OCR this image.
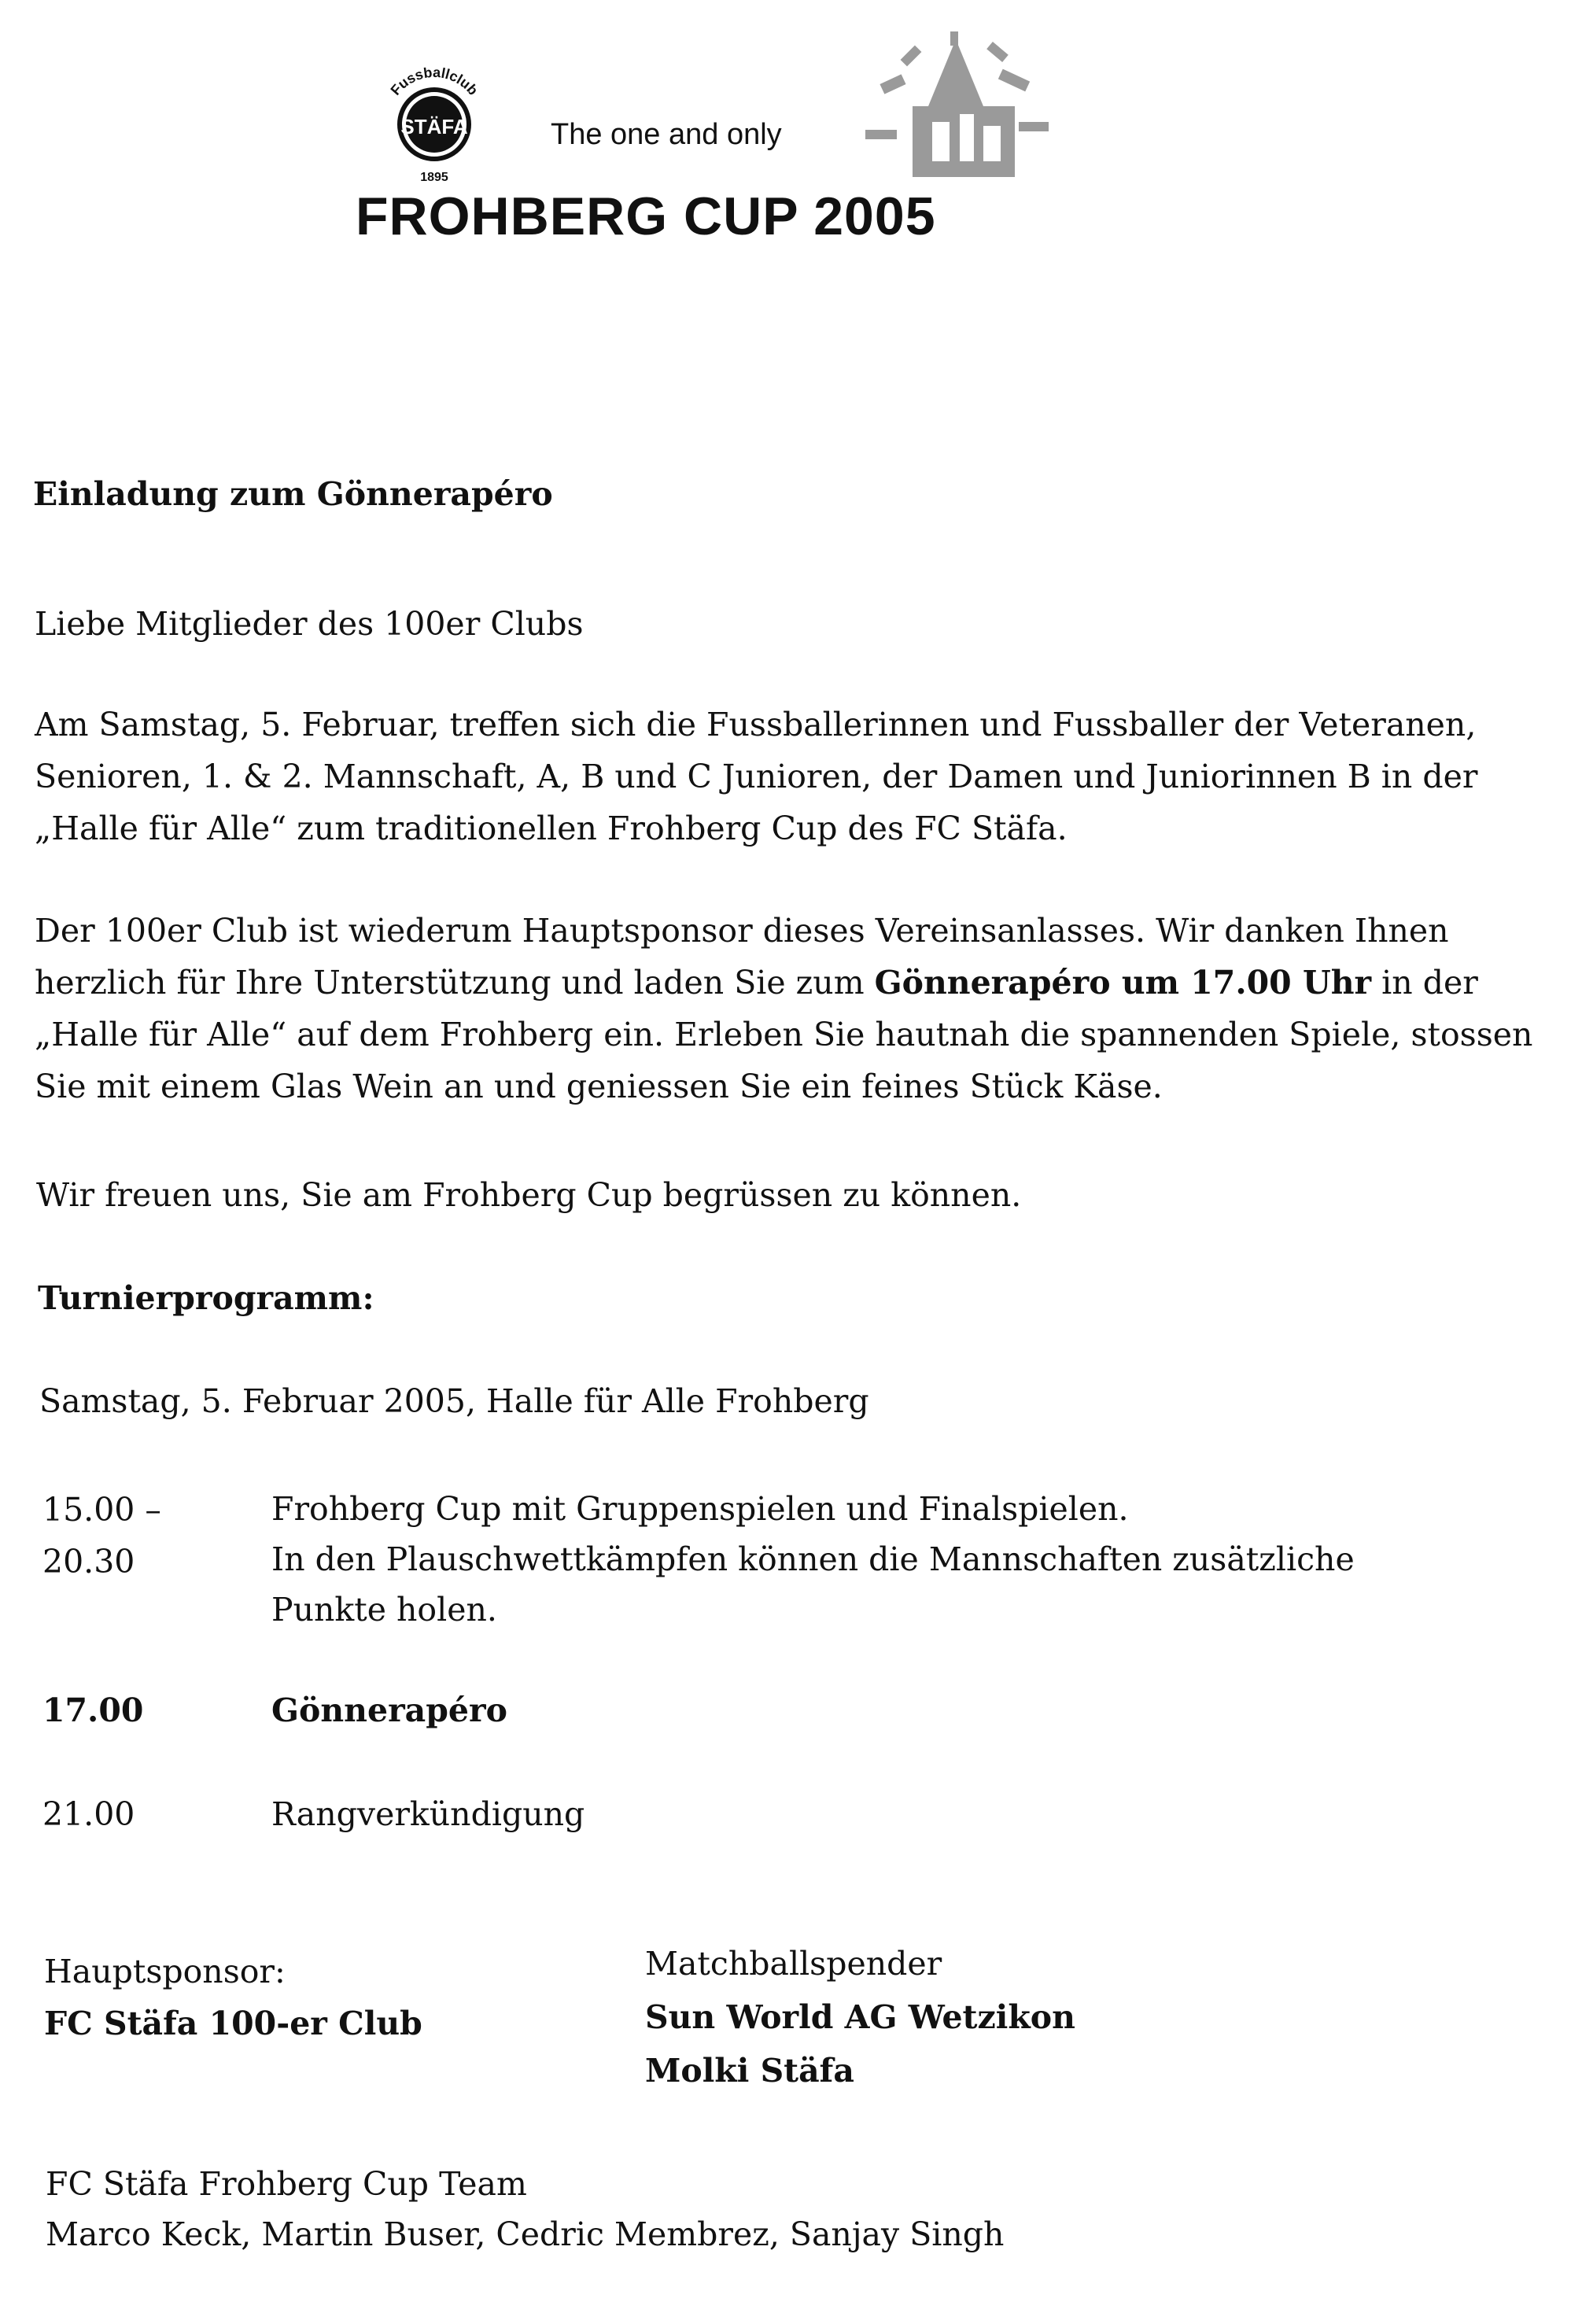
STÄFA
Fussballclub
1895
The one and only
FROHBERG CUP 2005
Einladung zum Gönnerapéro
Liebe Mitglieder des 100er Clubs
Am Samstag, 5. Februar, treffen sich die Fussballerinnen und Fussballer der Veteranen, Senioren, 1. & 2. Mannschaft, A, B und C Junioren, der Damen und Juniorinnen B in der „Halle für Alle“ zum traditionellen Frohberg Cup des FC Stäfa.
Der 100er Club ist wiederum Hauptsponsor dieses Vereinsanlasses. Wir danken Ihnen herzlich für Ihre Unterstützung und laden Sie zum Gönnerapéro um 17.00 Uhr in der „Halle für Alle“ auf dem Frohberg ein. Erleben Sie hautnah die spannenden Spiele, stossen Sie mit einem Glas Wein an und geniessen Sie ein feines Stück Käse.
Wir freuen uns, Sie am Frohberg Cup begrüssen zu können.
Turnierprogramm:
Samstag, 5. Februar 2005, Halle für Alle Frohberg
15.00 –
20.30
Frohberg Cup mit Gruppenspielen und Finalspielen.
In den Plauschwettkämpfen können die Mannschaften zusätzliche
Punkte holen.
17.00	Gönnerapéro
21.00	Rangverkündigung
Hauptsponsor:
FC Stäfa 100-er Club
Matchballspender
Sun World AG Wetzikon
Molki Stäfa
FC Stäfa Frohberg Cup Team
Marco Keck, Martin Buser, Cedric Membrez, Sanjay Singh
